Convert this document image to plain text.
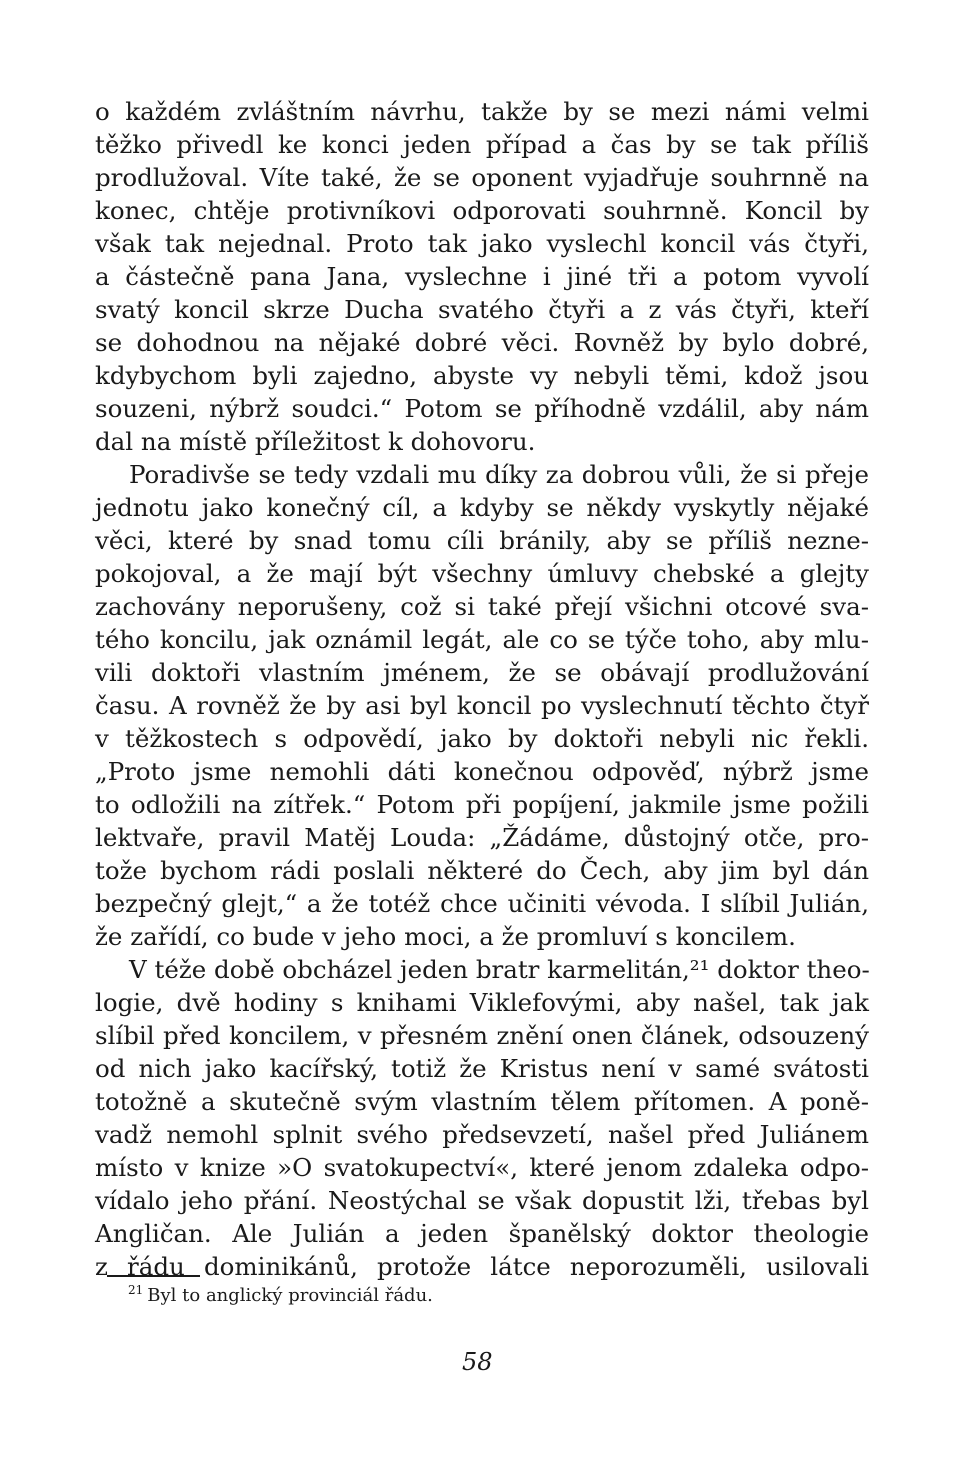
o každém zvláštním návrhu, takže by se mezi námi velmi
těžko přivedl ke konci jeden případ a čas by se tak příliš
prodlužoval. Víte také, že se oponent vyjadřuje souhrnně na
konec, chtěje protivníkovi odporovati souhrnně. Koncil by
však tak nejednal. Proto tak jako vyslechl koncil vás čtyři,
a částečně pana Jana, vyslechne i jiné tři a potom vyvolí
svatý koncil skrze Ducha svatého čtyři a z vás čtyři, kteří
se dohodnou na nějaké dobré věci. Rovněž by bylo dobré,
kdybychom byli zajedno, abyste vy nebyli těmi, kdož jsou
souzeni, nýbrž soudci.“ Potom se příhodně vzdálil, aby nám
dal na místě příležitost k dohovoru.
Poradivše se tedy vzdali mu díky za dobrou vůli, že si přeje
jednotu jako konečný cíl, a kdyby se někdy vyskytly nějaké
věci, které by snad tomu cíli bránily, aby se příliš nezne-
pokojoval, a že mají být všechny úmluvy chebské a glejty
zachovány neporušeny, což si také přejí všichni otcové sva-
tého koncilu, jak oznámil legát, ale co se týče toho, aby mlu-
vili doktoři vlastním jménem, že se obávají prodlužování
času. A rovněž že by asi byl koncil po vyslechnutí těchto čtyř
v těžkostech s odpovědí, jako by doktoři nebyli nic řekli.
„Proto jsme nemohli dáti konečnou odpověď, nýbrž jsme
to odložili na zítřek.“ Potom při popíjení, jakmile jsme požili
lektvaře, pravil Matěj Louda: „Žádáme, důstojný otče, pro-
tože bychom rádi poslali některé do Čech, aby jim byl dán
bezpečný glejt,“ a že totéž chce učiniti vévoda. I slíbil Julián,
že zařídí, co bude v jeho moci, a že promluví s koncilem.
V téže době obcházel jeden bratr karmelitán,²¹ doktor theo-
logie, dvě hodiny s knihami Viklefovými, aby našel, tak jak
slíbil před koncilem, v přesném znění onen článek, odsouzený
od nich jako kacířský, totiž že Kristus není v samé svátosti
totožně a skutečně svým vlastním tělem přítomen. A poně-
vadž nemohl splnit svého předsevzetí, našel před Juliánem
místo v knize »O svatokupectví«, které jenom zdaleka odpo-
vídalo jeho přání. Neostýchal se však dopustit lži, třebas byl
Angličan. Ale Julián a jeden španělský doktor theologie
z řádu dominikánů, protože látce neporozuměli, usilovali
$^{21}$ Byl to anglický provinciál řádu.
58
